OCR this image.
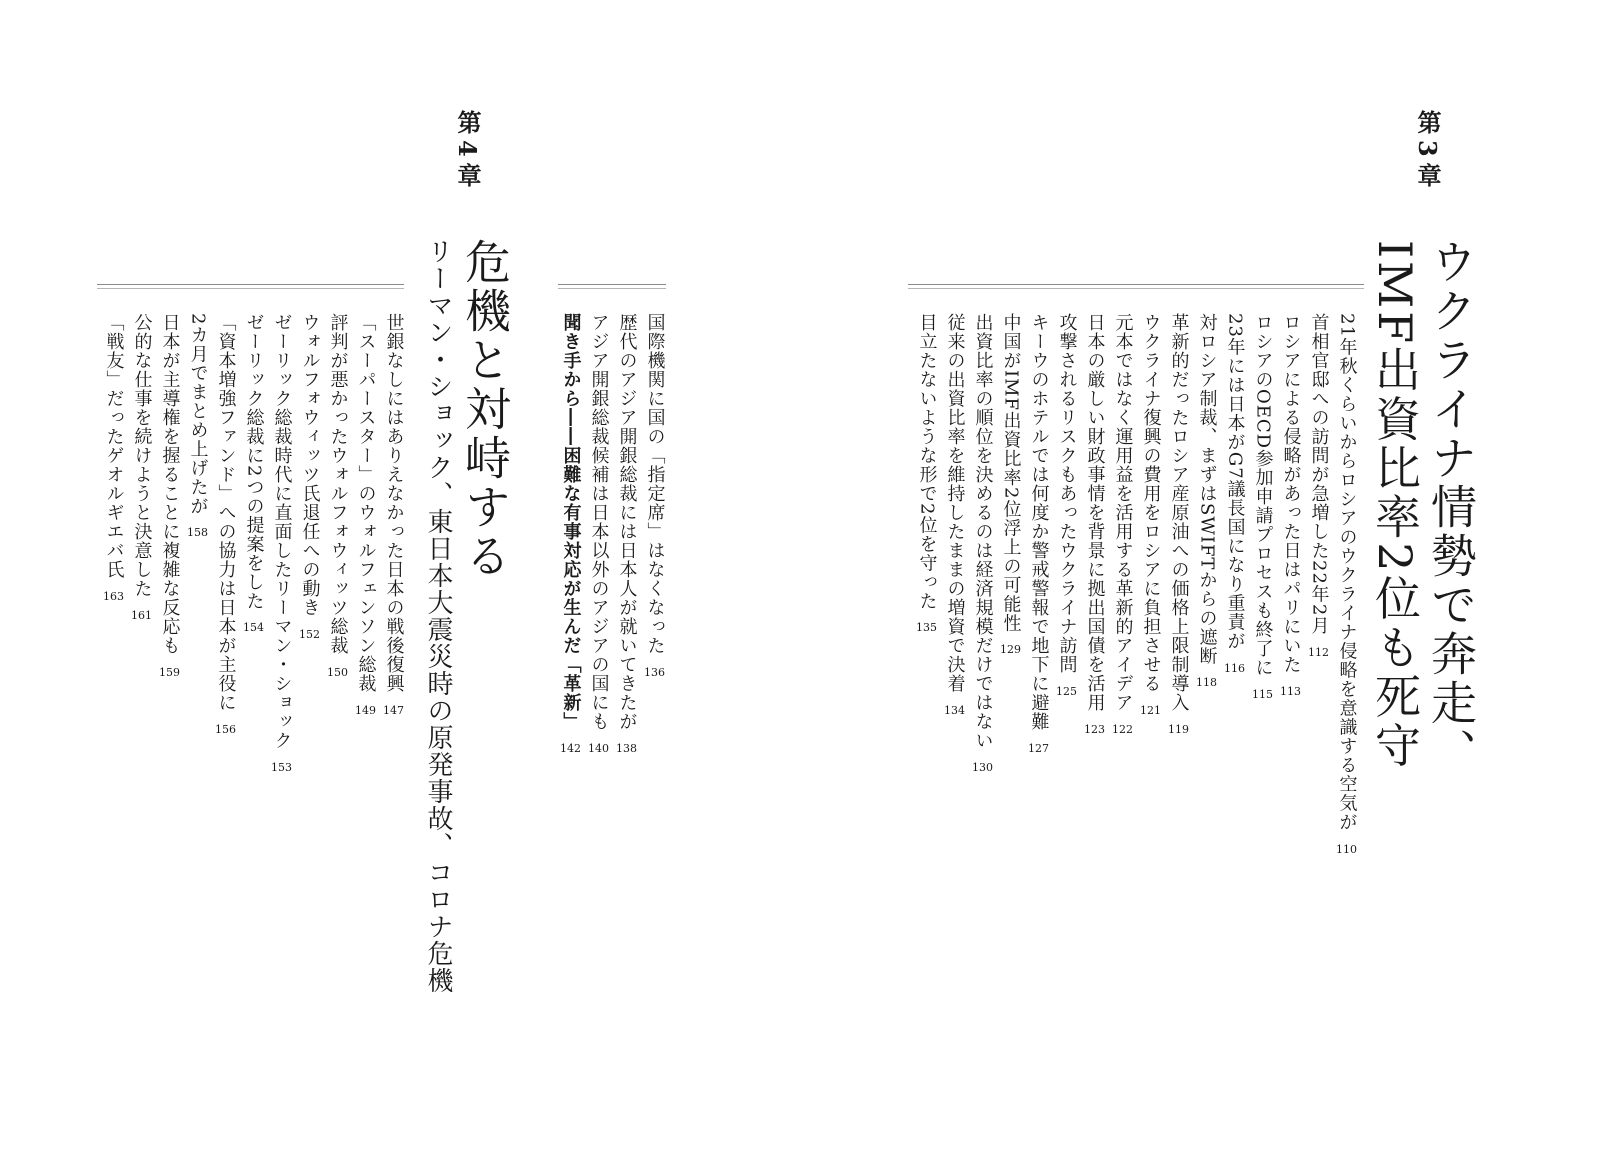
第4章
危機と対峙する
リーマン・ショック、東日本大震災時の原発事故、コロナ危機	国際機関に国の「指定席」はなくなった136
歴代のアジア開銀総裁には日本人が就いてきたが138
アジア開銀総裁候補は日本以外のアジアの国にも140
聞き手から――困難な有事対応が生んだ「革新」142
世銀なしにはありえなかった日本の戦後復興147
「スーパースター」のウォルフェンソン総裁149
評判が悪かったウォルフォウィッツ総裁150
ウォルフォウィッツ氏退任への動き152
ゼーリック総裁時代に直面したリーマン・ショック153
ゼーリック総裁に2つの提案をした154
「資本増強ファンド」への協力は日本が主役に156
2カ月でまとめ上げたが158
日本が主導権を握ることに複雑な反応も159
公的な仕事を続けようと決意した161
「戦友」だったゲオルギエバ氏163
第3章
ウクライナ情勢で奔走、
IMF出資比率2位も死守
21年秋くらいからロシアのウクライナ侵略を意識する空気が110
首相官邸への訪問が急増した22年2月112
ロシアによる侵略があった日はパリにいた113
ロシアのOECD参加申請プロセスも終了に115
23年には日本がG7議長国になり重責が116
対ロシア制裁、まずはSWIFTからの遮断118
革新的だったロシア産原油への価格上限制導入119
ウクライナ復興の費用をロシアに負担させる121
元本ではなく運用益を活用する革新的アイデア122
日本の厳しい財政事情を背景に拠出国債を活用123
攻撃されるリスクもあったウクライナ訪問125
キーウのホテルでは何度か警戒警報で地下に避難127
中国がIMF出資比率2位浮上の可能性129
出資比率の順位を決めるのは経済規模だけではない130
従来の出資比率を維持したままの増資で決着134
目立たないような形で2位を守った135
